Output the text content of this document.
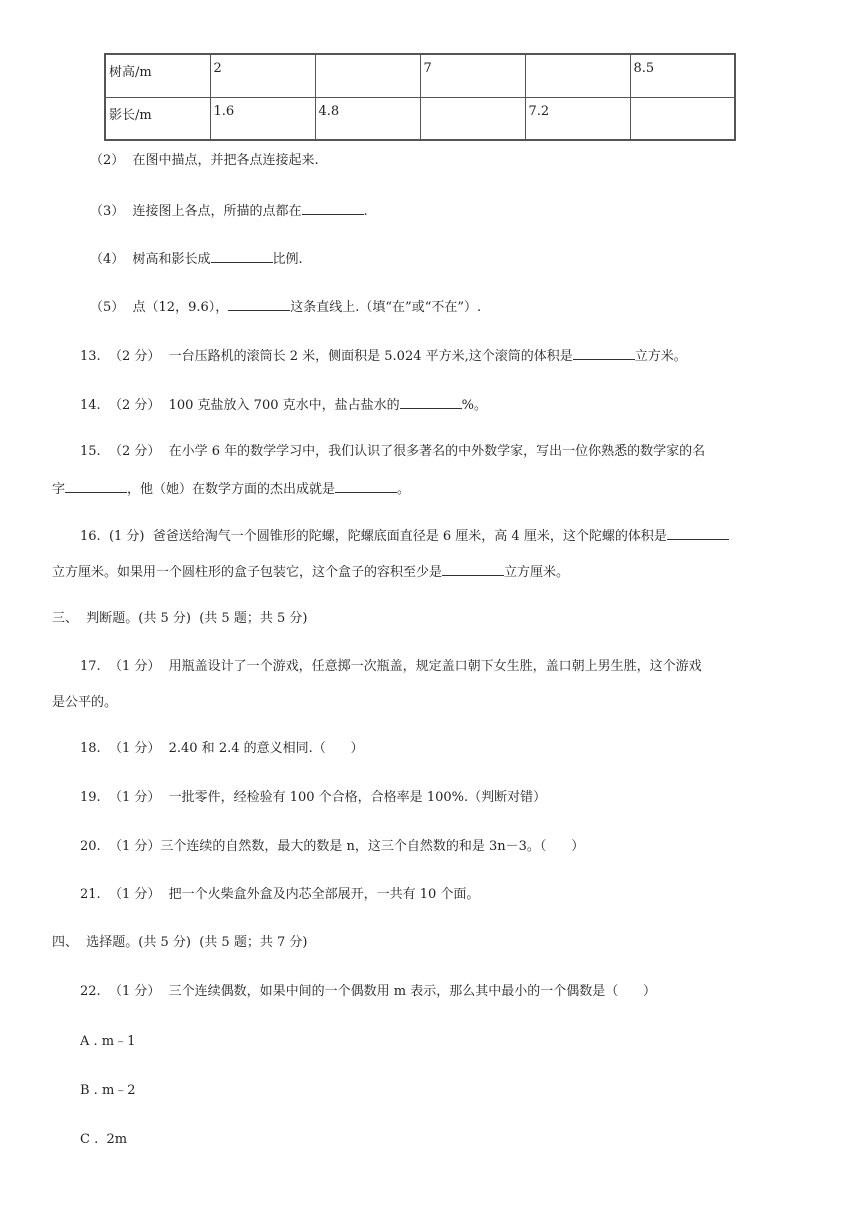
树高/m	2		7		8.5
影长/m	1.6	4.8		7.2	
（2）  在图中描点，并把各点连接起来.
（3）  连接图上各点，所描的点都在	.
（4）  树高和影长成	比例.
（5）  点（12，9.6），	这条直线上.（填“在”或“不在”）.
13.  （2 分）  一台压路机的滚筒长 2 米，侧面积是 5.024 平方米,这个滚筒的体积是	立方米。
14.  （2 分）  100 克盐放入 700 克水中，盐占盐水的	%。
15.  （2 分）  在小学 6 年的数学学习中，我们认识了很多著名的中外数学家，写出一位你熟悉的数学家的名
字	，他（她）在数学方面的杰出成就是	。
16.  (1 分)  爸爸送给淘气一个圆锥形的陀螺，陀螺底面直径是 6 厘米，高 4 厘米，这个陀螺的体积是
立方厘米。如果用一个圆柱形的盒子包装它，这个盒子的容积至少是	立方厘米。
三、  判断题。(共 5 分)  (共 5 题；共 5 分)
17.  （1 分）  用瓶盖设计了一个游戏，任意掷一次瓶盖，规定盖口朝下女生胜，盖口朝上男生胜，这个游戏
是公平的。
18.  （1 分）  2.40 和 2.4 的意义相同.（      ）
19.  （1 分）  一批零件，经检验有 100 个合格，合格率是 100%.（判断对错）
20.  （1 分）三个连续的自然数，最大的数是 n，这三个自然数的和是 3n－3。（      ）
21.  （1 分）  把一个火柴盒外盒及内芯全部展开，一共有 10 个面。
四、  选择题。(共 5 分)  (共 5 题；共 7 分)
22.  （1 分）  三个连续偶数，如果中间的一个偶数用 m 表示，那么其中最小的一个偶数是（      ）
A . m﹣1
B . m﹣2
C .  2m
